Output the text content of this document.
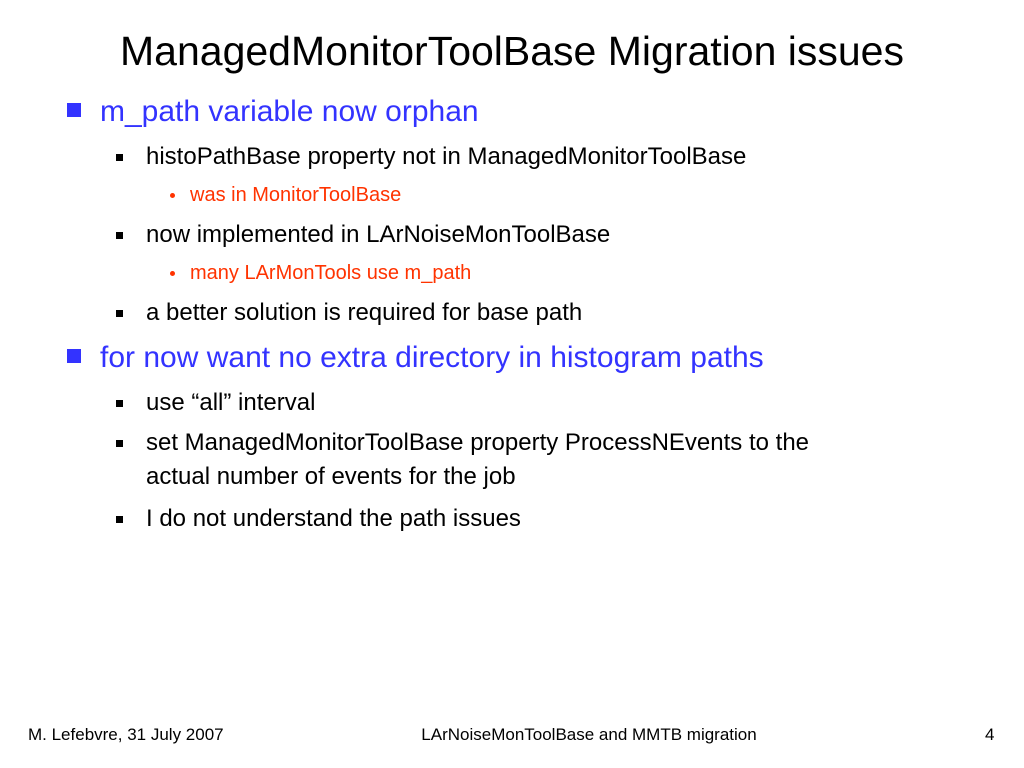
ManagedMonitorToolBase Migration issues
m_path variable now orphan
histoPathBase property not in ManagedMonitorToolBase
was in MonitorToolBase
now implemented in LArNoiseMonToolBase
many LArMonTools use m_path
a better solution is required for base path
for now want no extra directory in histogram paths
use “all” interval
set ManagedMonitorToolBase property ProcessNEvents to the
actual number of events for the job
I do not understand the path issues
M. Lefebvre, 31 July 2007	LArNoiseMonToolBase and MMTB migration	4
